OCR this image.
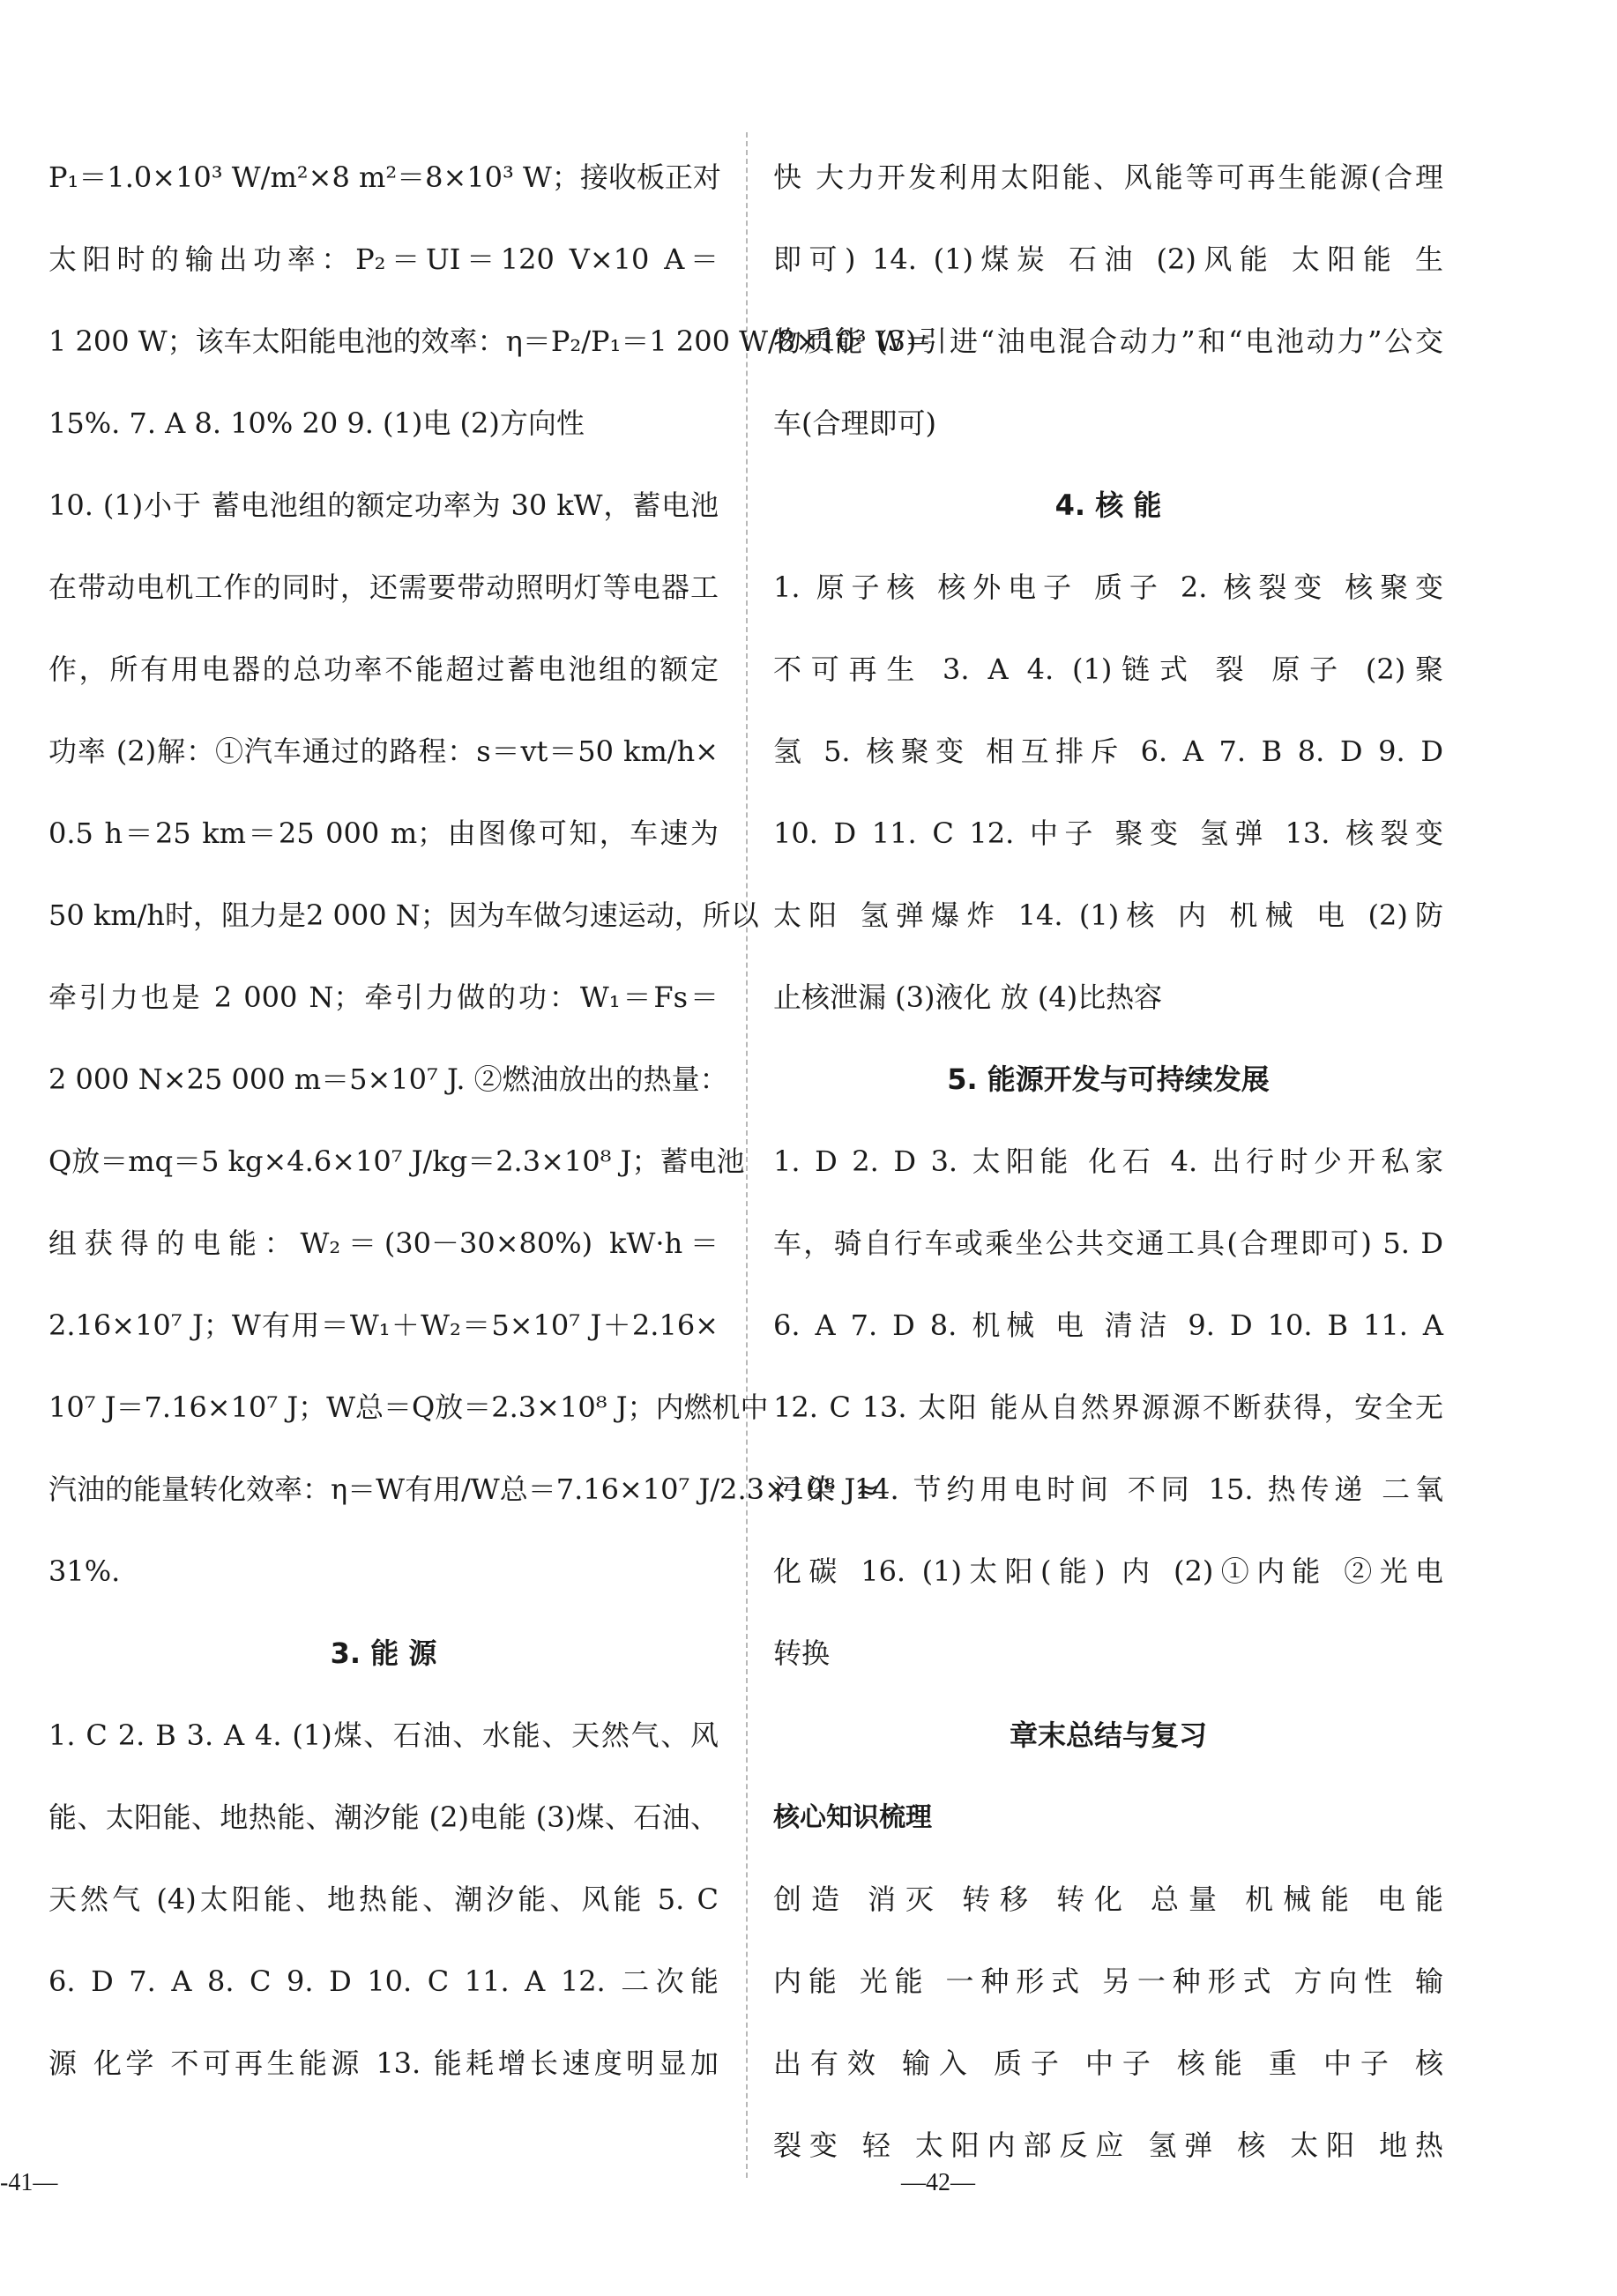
P₁＝1.0×10³ W/m²×8 m²＝8×10³ W；接收板正对
太阳时的输出功率：P₂＝UI＝120 V×10 A＝
1 200 W；该车太阳能电池的效率：η＝P₂/P₁＝1 200 W/8×10³ W＝
15%. 7. A 8. 10% 20 9. (1)电 (2)方向性
10. (1)小于 蓄电池组的额定功率为 30 kW，蓄电池
在带动电机工作的同时，还需要带动照明灯等电器工
作，所有用电器的总功率不能超过蓄电池组的额定
功率 (2)解：①汽车通过的路程：s＝vt＝50 km/h×
0.5 h＝25 km＝25 000 m；由图像可知，车速为
50 km/h时，阻力是2 000 N；因为车做匀速运动，所以
牵引力也是 2 000 N；牵引力做的功：W₁＝Fs＝
2 000 N×25 000 m＝5×10⁷ J. ②燃油放出的热量：
Q放＝mq＝5 kg×4.6×10⁷ J/kg＝2.3×10⁸ J；蓄电池
组获得的电能：W₂＝(30－30×80%) kW·h＝
2.16×10⁷ J；W有用＝W₁＋W₂＝5×10⁷ J＋2.16×
10⁷ J＝7.16×10⁷ J；W总＝Q放＝2.3×10⁸ J；内燃机中
汽油的能量转化效率：η＝W有用/W总＝7.16×10⁷ J/2.3×10⁸ J≈
31%.
3. 能 源
1. C 2. B 3. A 4. (1)煤、石油、水能、天然气、风
能、太阳能、地热能、潮汐能 (2)电能 (3)煤、石油、
天然气 (4)太阳能、地热能、潮汐能、风能 5. C
6. D 7. A 8. C 9. D 10. C 11. A 12. 二次能
源 化学 不可再生能源 13. 能耗增长速度明显加
快 大力开发利用太阳能、风能等可再生能源(合理
即可) 14. (1)煤炭 石油 (2)风能 太阳能 生
物质能 (3)引进“油电混合动力”和“电池动力”公交
车(合理即可)
4. 核 能
1. 原子核 核外电子 质子 2. 核裂变 核聚变
不可再生 3. A 4. (1)链式 裂 原子 (2)聚
氢 5. 核聚变 相互排斥 6. A 7. B 8. D 9. D
10. D 11. C 12. 中子 聚变 氢弹 13. 核裂变
太阳 氢弹爆炸 14. (1)核 内 机械 电 (2)防
止核泄漏 (3)液化 放 (4)比热容
5. 能源开发与可持续发展
1. D 2. D 3. 太阳能 化石 4. 出行时少开私家
车，骑自行车或乘坐公共交通工具(合理即可) 5. D
6. A 7. D 8. 机械 电 清洁 9. D 10. B 11. A
12. C 13. 太阳 能从自然界源源不断获得，安全无
污染 14. 节约用电时间 不同 15. 热传递 二氧
化碳 16. (1)太阳(能) 内 (2)①内能 ②光电
转换
章末总结与复习
核心知识梳理
创造 消灭 转移 转化 总量 机械能 电能
内能 光能 一种形式 另一种形式 方向性 输
出有效 输入 质子 中子 核能 重 中子 核
裂变 轻 太阳内部反应 氢弹 核 太阳 地热
-41—	—42—
